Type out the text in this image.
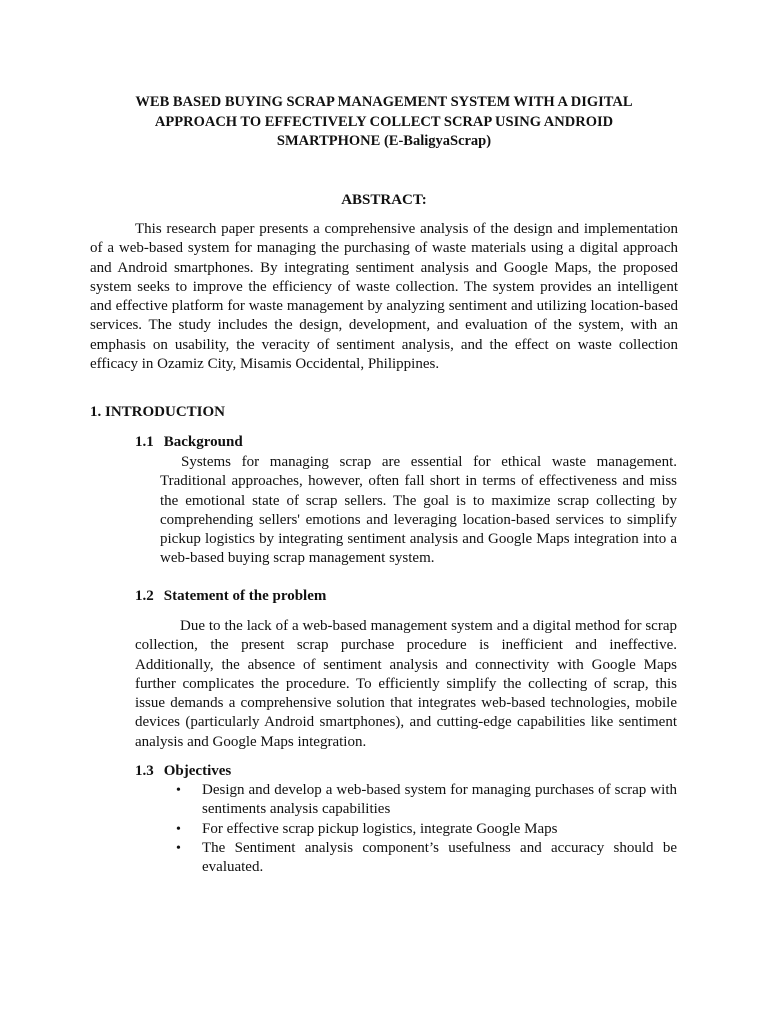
WEB BASED BUYING SCRAP MANAGEMENT SYSTEM WITH A DIGITAL
APPROACH TO EFFECTIVELY COLLECT SCRAP USING ANDROID
SMARTPHONE (E-BaligyaScrap)
ABSTRACT:

This research paper presents a comprehensive analysis of the design and implementation of a web-based system for managing the purchasing of waste materials using a digital approach and Android smartphones. By integrating sentiment analysis and Google Maps, the proposed system seeks to improve the efficiency of waste collection. The system provides an intelligent and effective platform for waste management by analyzing sentiment and utilizing location-based services. The study includes the design, development, and evaluation of the system, with an emphasis on usability, the veracity of sentiment analysis, and the effect on waste collection efficacy in Ozamiz City, Misamis Occidental, Philippines.

1. INTRODUCTION
1.1 Background

Systems for managing scrap are essential for ethical waste management. Traditional approaches, however, often fall short in terms of effectiveness and miss the emotional state of scrap sellers. The goal is to maximize scrap collecting by comprehending sellers' emotions and leveraging location-based services to simplify pickup logistics by integrating sentiment analysis and Google Maps integration into a web-based buying scrap management system.

1.2 Statement of the problem

Due to the lack of a web-based management system and a digital method for scrap collection, the present scrap purchase procedure is inefficient and ineffective. Additionally, the absence of sentiment analysis and connectivity with Google Maps further complicates the procedure. To efficiently simplify the collecting of scrap, this issue demands a comprehensive solution that integrates web-based technologies, mobile devices (particularly Android smartphones), and cutting-edge capabilities like sentiment analysis and Google Maps integration.

1.3 Objectives
• Design and develop a web-based system for managing purchases of scrap with sentiments analysis capabilities
• For effective scrap pickup logistics, integrate Google Maps
• The Sentiment analysis component’s usefulness and accuracy should be evaluated.
